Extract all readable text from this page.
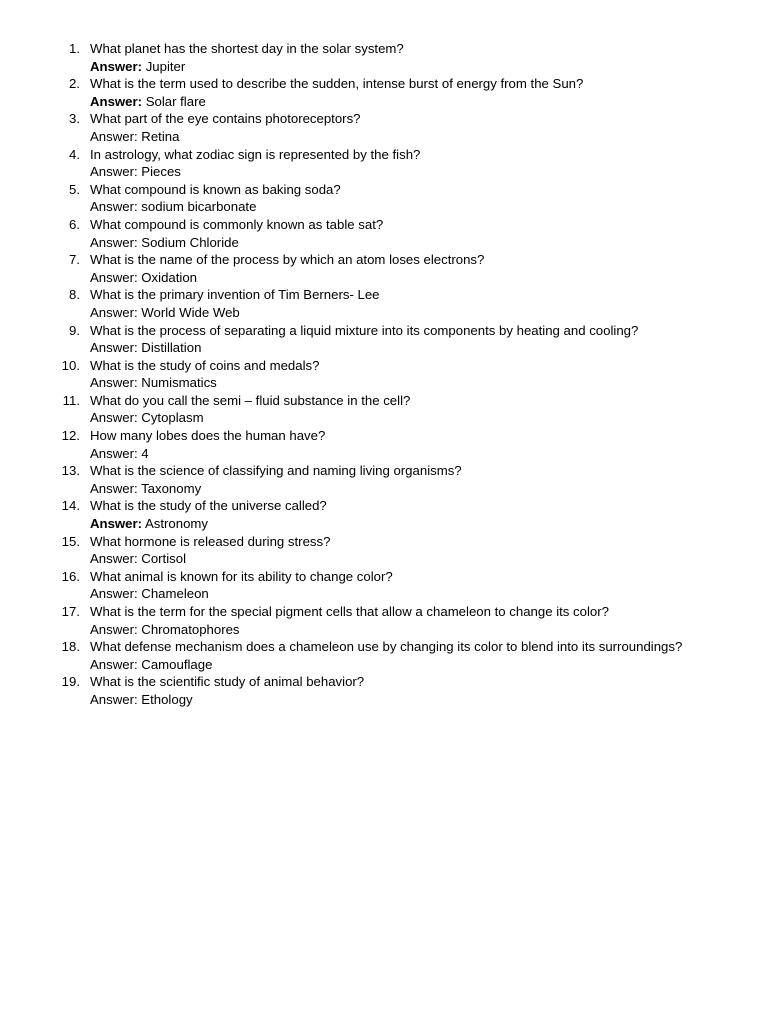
1. What planet has the shortest day in the solar system?
Answer: Jupiter
2. What is the term used to describe the sudden, intense burst of energy from the Sun?
Answer: Solar flare
3. What part of the eye contains photoreceptors?
Answer: Retina
4. In astrology, what zodiac sign is represented by the fish?
Answer: Pieces
5. What compound is known as baking soda?
Answer: sodium bicarbonate
6. What compound is commonly known as table sat?
Answer: Sodium Chloride
7. What is the name of the process by which an atom loses electrons?
Answer: Oxidation
8. What is the primary invention of Tim Berners- Lee
Answer: World Wide Web
9. What is the process of separating a liquid mixture into its components by heating and cooling?
Answer: Distillation
10. What is the study of coins and medals?
Answer: Numismatics
11. What do you call the semi – fluid substance in the cell?
Answer: Cytoplasm
12. How many lobes does the human have?
Answer: 4
13. What is the science of classifying and naming living organisms?
Answer: Taxonomy
14. What is the study of the universe called?
Answer: Astronomy
15. What hormone is released during stress?
Answer: Cortisol
16. What animal is known for its ability to change color?
Answer: Chameleon
17. What is the term for the special pigment cells that allow a chameleon to change its color?
Answer: Chromatophores
18. What defense mechanism does a chameleon use by changing its color to blend into its surroundings?
Answer: Camouflage
19. What is the scientific study of animal behavior?
Answer: Ethology
